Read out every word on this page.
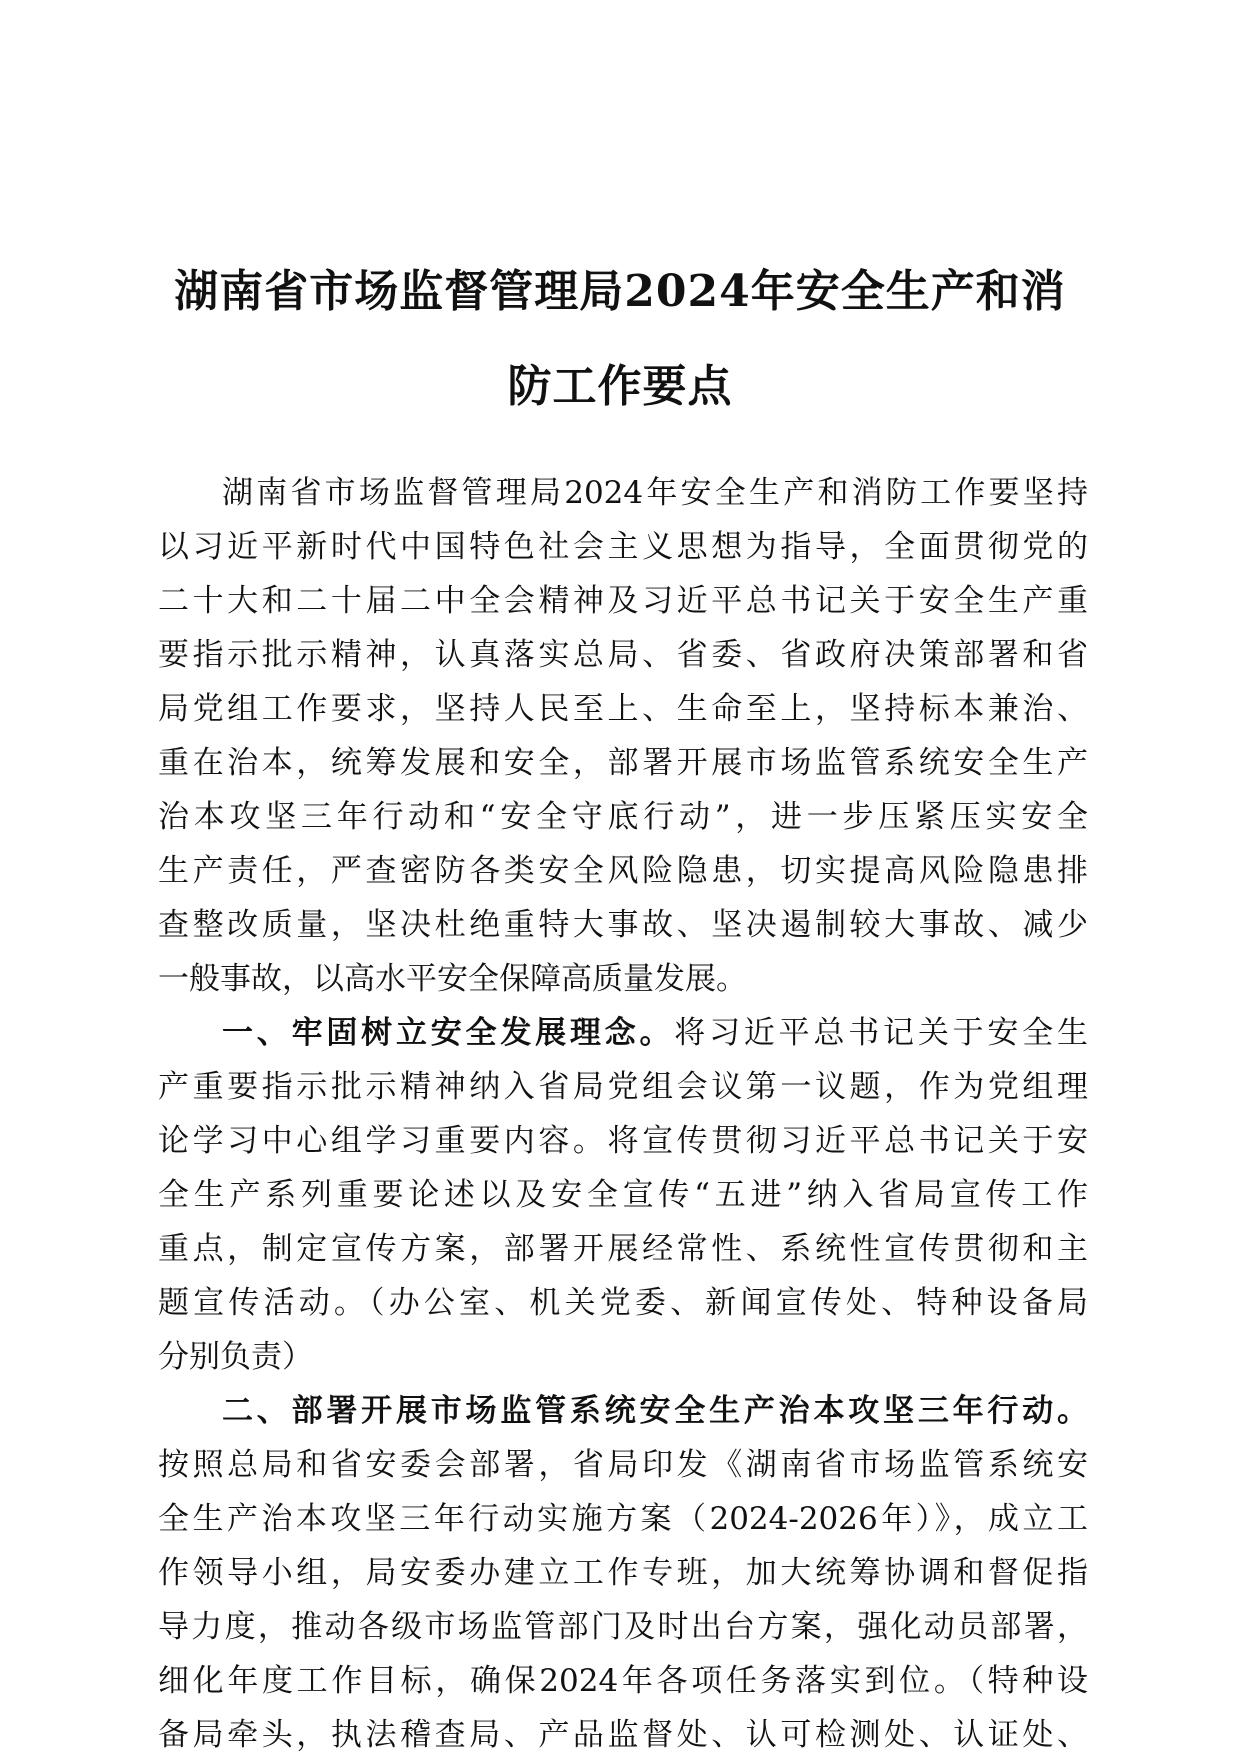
湖南省市场监督管理局2024年安全生产和消
防工作要点
湖南省市场监督管理局2024年安全生产和消防工作要坚持
以习近平新时代中国特色社会主义思想为指导，全面贯彻党的
二十大和二十届二中全会精神及习近平总书记关于安全生产重
要指示批示精神，认真落实总局、省委、省政府决策部署和省
局党组工作要求，坚持人民至上、生命至上，坚持标本兼治、
重在治本，统筹发展和安全，部署开展市场监管系统安全生产
治本攻坚三年行动和“安全守底行动”，进一步压紧压实安全
生产责任，严查密防各类安全风险隐患，切实提高风险隐患排
查整改质量，坚决杜绝重特大事故、坚决遏制较大事故、减少
一般事故，以高水平安全保障高质量发展。
一、牢固树立安全发展理念。将习近平总书记关于安全生
产重要指示批示精神纳入省局党组会议第一议题，作为党组理
论学习中心组学习重要内容。将宣传贯彻习近平总书记关于安
全生产系列重要论述以及安全宣传“五进”纳入省局宣传工作
重点，制定宣传方案，部署开展经常性、系统性宣传贯彻和主
题宣传活动。（办公室、机关党委、新闻宣传处、特种设备局
分别负责）
二、部署开展市场监管系统安全生产治本攻坚三年行动。
按照总局和省安委会部署，省局印发《湖南省市场监管系统安
全生产治本攻坚三年行动实施方案（2024-2026年）》，成立工
作领导小组，局安委办建立工作专班，加大统筹协调和督促指
导力度，推动各级市场监管部门及时出台方案，强化动员部署，
细化年度工作目标，确保2024年各项任务落实到位。（特种设
备局牵头，执法稽查局、产品监督处、认可检测处、认证处、
